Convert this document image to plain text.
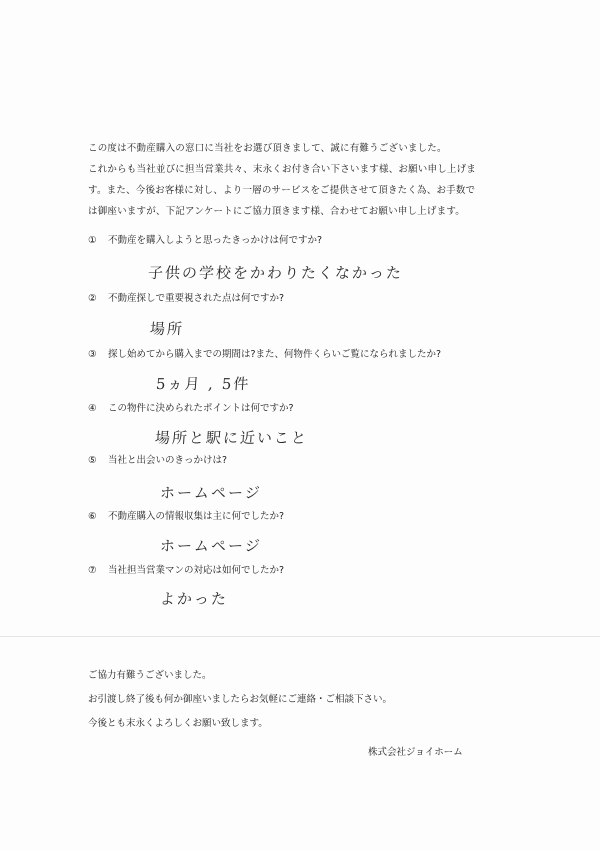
この度は不動産購入の窓口に当社をお選び頂きまして、誠に有難うございました。

これからも当社並びに担当営業共々、末永くお付き合い下さいます様、お願い申し上げま

す。また、今後お客様に対し、より一層のサービスをご提供させて頂きたく為、お手数で

は御座いますが、下記アンケートにご協力頂きます様、合わせてお願い申し上げます。

① 不動産を購入しようと思ったきっかけは何ですか?
子供の学校をかわりたくなかった
② 不動産探しで重要視された点は何ですか?
場所
③ 探し始めてから購入までの期間は?また、何物件くらいご覧になられましたか?
5ヵ月 , 5件
④ この物件に決められたポイントは何ですか?
場所と駅に近いこと
⑤ 当社と出会いのきっかけは?
ホームページ
⑥ 不動産購入の情報収集は主に何でしたか?
ホームページ
⑦ 当社担当営業マンの対応は如何でしたか?
よかった

ご協力有難うございました。

お引渡し終了後も何か御座いましたらお気軽にご連絡・ご相談下さい。

今後とも末永くよろしくお願い致します。

株式会社ジョイホーム
